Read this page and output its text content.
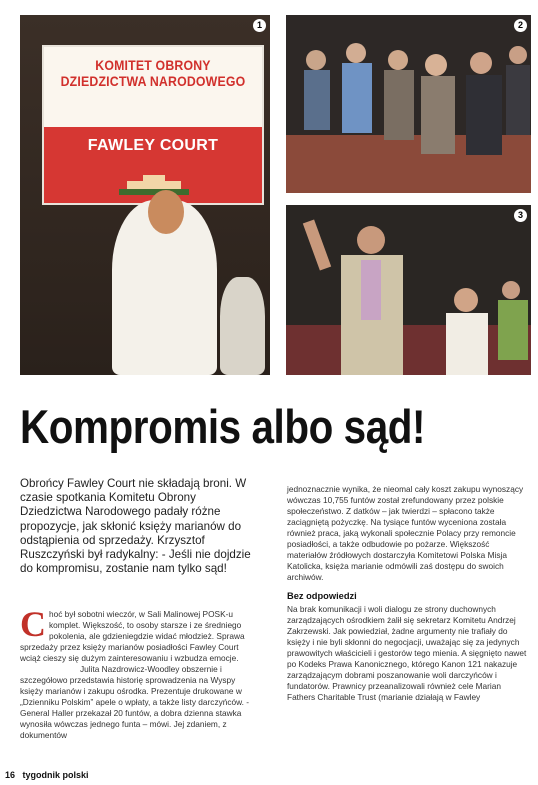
KOMITET OBRONY
DZIEDZICTWA NARODOWEGO
FAWLEY COURT
1	2
3
Kompromis albo sąd!

Obrońcy Fawley Court nie składają broni. W czasie spotkania Komitetu Obrony Dziedzictwa Narodowego padały różne propozycje, jak skłonić księży marianów do odstąpienia od sprzedaży. Krzysztof Ruszczyński był radykalny: - Jeśli nie dojdzie do kompromisu, zostanie nam tylko sąd!

Choć był sobotni wieczór, w Sali Malinowej POSK-u komplet. Większość, to osoby starsze i ze średniego pokolenia, ale gdzieniegdzie widać młodzież. Sprawa sprzedaży przez księży marianów posiadłości Fawley Court wciąż cieszy się dużym zainteresowaniu i wzbudza emocje.

Julita Nazdrowicz-Woodley obszernie i szczegółowo przedstawia historię sprowadzenia na Wyspy księży marianów i zakupu ośrodka. Prezentuje drukowane w „Dzienniku Polskim” apele o wpłaty, a także listy darczyńców. - General Haller przekazał 20 funtów, a dobra dzienna stawka wynosiła wówczas jednego funta – mówi. Jej zdaniem, z dokumentów

jednoznacznie wynika, że nieomal cały koszt zakupu wynoszący wówczas 10,755 funtów został zrefundowany przez polskie społeczeństwo. Z datków – jak twierdzi – spłacono także zaciągniętą pożyczkę. Na tysiące funtów wyceniona została również praca, jaką wykonali społecznie Polacy przy remoncie posiadłości, a także odbudowie po pożarze. Większość materiałów źródłowych dostarczyła Komitetowi Polska Misja Katolicka, księża marianie odmówili zaś dostępu do swoich archiwów.

Bez odpowiedzi

Na brak komunikacji i woli dialogu ze strony duchownych zarządzających ośrodkiem żalił się sekretarz Komitetu Andrzej Zakrzewski. Jak powiedział, żadne argumenty nie trafiały do księży i nie byli skłonni do negocjacji, uważając się za jedynych prawowitych właścicieli i gestorów tego mienia. A sięgnięto nawet po Kodeks Prawa Kanonicznego, którego Kanon 121 nakazuje zarządzającym dobrami poszanowanie woli darczyńców i fundatorów. Prawnicy przeanalizowali również cele Marian Fathers Charitable Trust (marianie działają w Fawley

16 tygodnik polski
